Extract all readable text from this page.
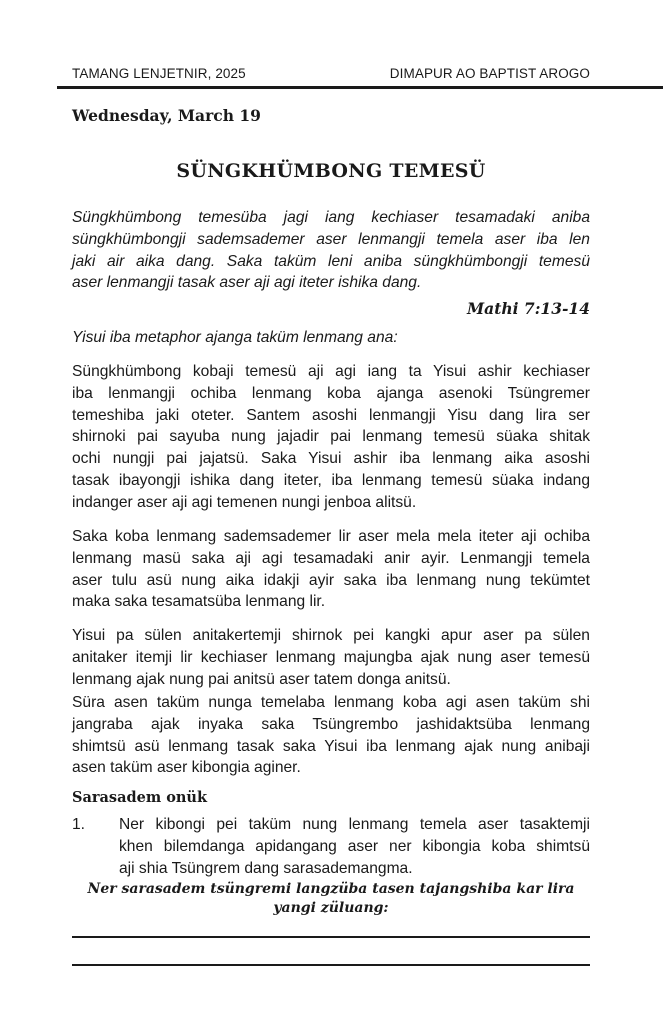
TAMANG LENJETNIR, 2025	DIMAPUR AO BAPTIST AROGO
Wednesday, March 19
SÜNGKHÜMBONG TEMESÜ
Süngkhümbong temesüba jagi iang kechiaser tesamadaki aniba
süngkhümbongji sademsademer aser lenmangji temela aser iba len
jaki air aika dang. Saka taküm leni aniba süngkhümbongji temesü
aser lenmangji tasak aser aji agi iteter ishika dang.
Mathi 7:13-14
Yisui iba metaphor ajanga taküm lenmang ana:
Süngkhümbong kobaji temesü aji agi iang ta Yisui ashir kechiaser
iba lenmangji ochiba lenmang koba ajanga asenoki Tsüngremer
temeshiba jaki oteter. Santem asoshi lenmangji Yisu dang lira ser
shirnoki pai sayuba nung jajadir pai lenmang temesü süaka shitak
ochi nungji pai jajatsü. Saka Yisui ashir iba lenmang aika asoshi
tasak ibayongji ishika dang iteter, iba lenmang temesü süaka indang
indanger aser aji agi temenen nungi jenboa alitsü.
Saka koba lenmang sademsademer lir aser mela mela iteter aji ochiba
lenmang masü saka aji agi tesamadaki anir ayir. Lenmangji temela
aser tulu asü nung aika idakji ayir saka iba lenmang nung tekümtet
maka saka tesamatsüba lenmang lir.
Yisui pa sülen anitakertemji shirnok pei kangki apur aser pa sülen
anitaker itemji lir kechiaser lenmang majungba ajak nung aser temesü
lenmang ajak nung pai anitsü aser tatem donga anitsü.
Süra asen taküm nunga temelaba lenmang koba agi asen taküm shi
jangraba ajak inyaka saka Tsüngrembo jashidaktsüba lenmang
shimtsü asü lenmang tasak saka Yisui iba lenmang ajak nung anibaji
asen taküm aser kibongia aginer.
Sarasadem onük
1. Ner kibongi pei taküm nung lenmang temela aser tasaktemji
khen bilemdanga apidangang aser ner kibongia koba shimtsü
aji shia Tsüngrem dang sarasademangma.
Ner sarasadem tsüngremi langzüba tasen tajangshiba kar lira
yangi züluang:
